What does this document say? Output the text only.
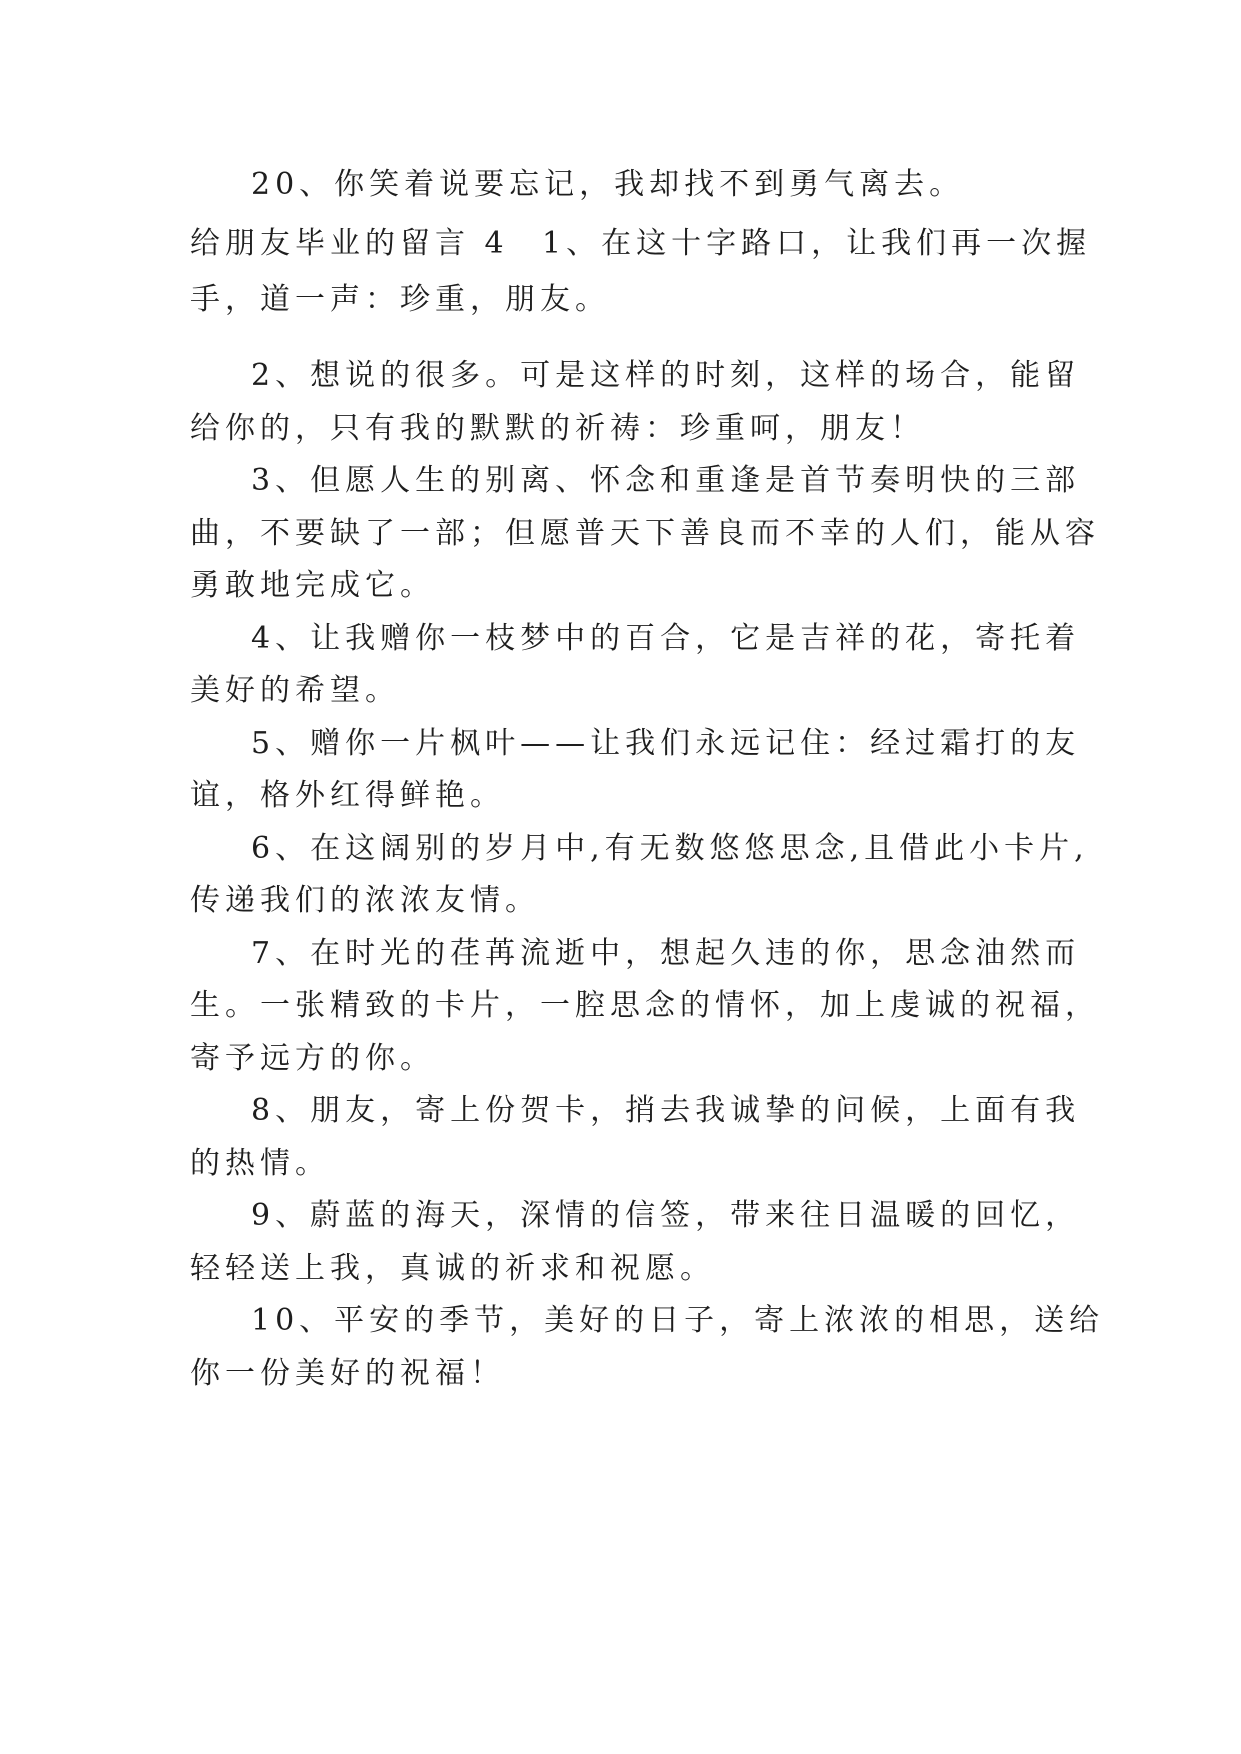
20、你笑着说要忘记，我却找不到勇气离去。
给朋友毕业的留言 4 1、在这十字路口，让我们再一次握
手，道一声：珍重，朋友。
2、想说的很多。可是这样的时刻，这样的场合，能留
给你的，只有我的默默的祈祷：珍重呵，朋友！
3、但愿人生的别离、怀念和重逢是首节奏明快的三部
曲，不要缺了一部；但愿普天下善良而不幸的人们，能从容
勇敢地完成它。
4、让我赠你一枝梦中的百合，它是吉祥的花，寄托着
美好的希望。
5、赠你一片枫叶——让我们永远记住：经过霜打的友
谊，格外红得鲜艳。
6、在这阔别的岁月中,有无数悠悠思念,且借此小卡片,
传递我们的浓浓友情。
7、在时光的荏苒流逝中，想起久违的你，思念油然而
生。一张精致的卡片，一腔思念的情怀，加上虔诚的祝福，
寄予远方的你。
8、朋友，寄上份贺卡，捎去我诚挚的问候，上面有我
的热情。
9、蔚蓝的海天，深情的信签，带来往日温暖的回忆，
轻轻送上我，真诚的祈求和祝愿。
10、平安的季节，美好的日子，寄上浓浓的相思，送给
你一份美好的祝福！
